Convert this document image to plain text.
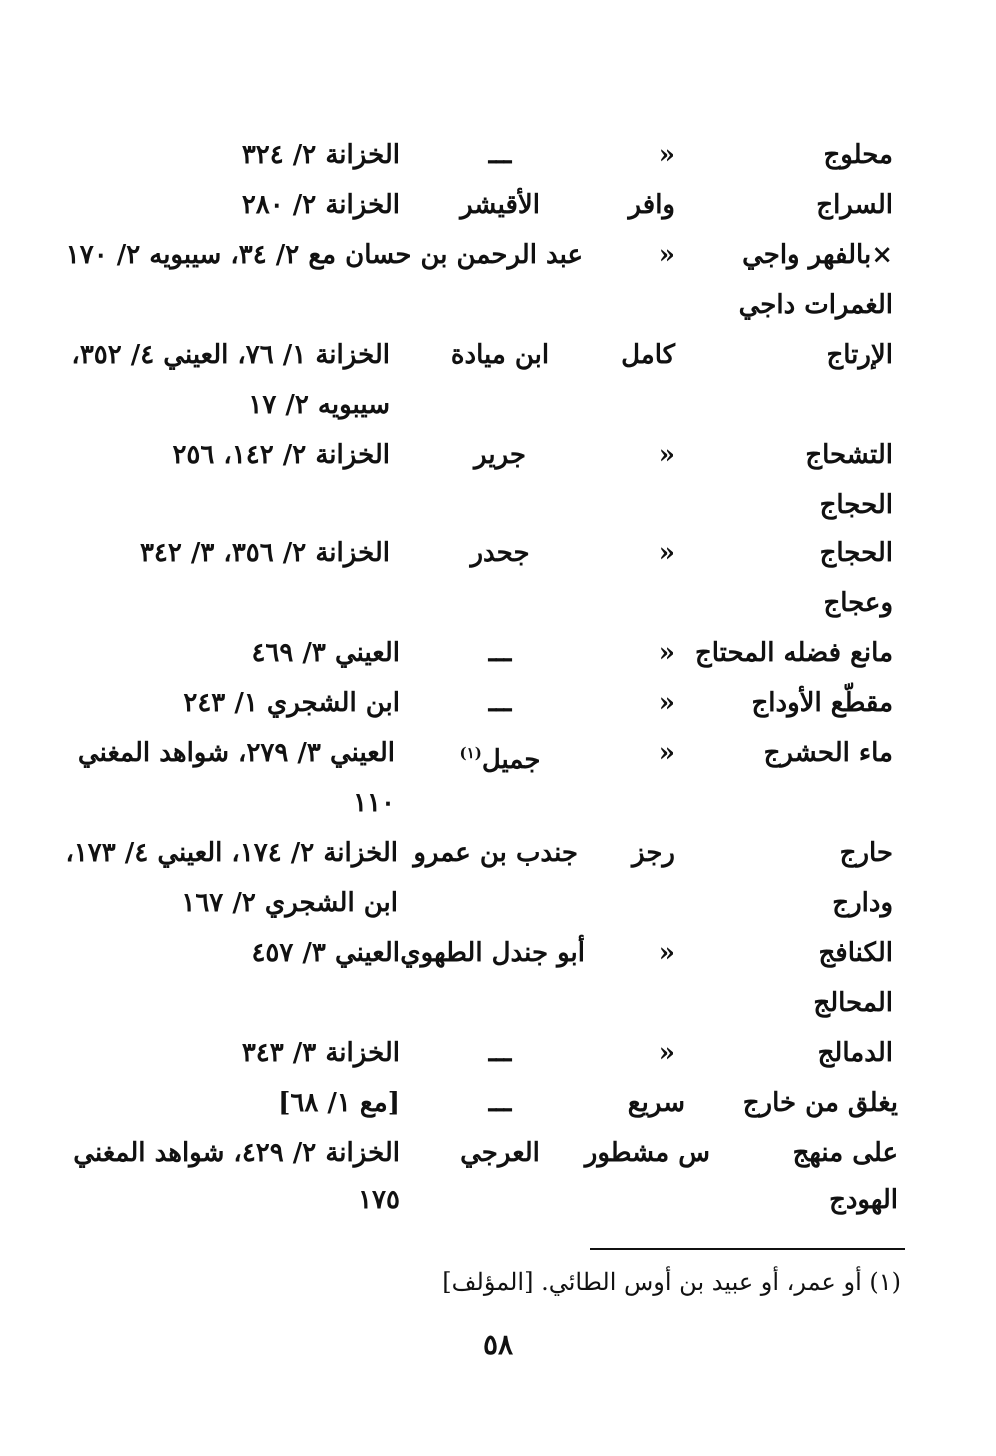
محلوج
«
ـــ
الخزانة ٢/ ٣٢٤
السراج
وافر
الأقيشر
الخزانة ٢/ ٢٨٠
×بالفهر واجي
«
عبد الرحمن بن حسان مع ٢/ ٣٤، سيبويه ٢/ ١٧٠
الغمرات داجي
الإرتاج
كامل
ابن ميادة
الخزانة ١/ ٧٦، العيني ٤/ ٣٥٢،
سيبويه ٢/ ١٧
التشحاج
«
جرير
الخزانة ٢/ ١٤٢، ٢٥٦
الحجاج
الحجاج
«
جحدر
الخزانة ٢/ ٣٥٦، ٣/ ٣٤٢
وعجاج
مانع فضله المحتاج
«
ـــ
العيني ٣/ ٤٦٩
مقطّع الأوداج
«
ـــ
ابن الشجري ١/ ٢٤٣
ماء الحشرج
«
جميل$^{(١)}$
العيني ٣/ ٢٧٩، شواهد المغني
١١٠
حارج
رجز
جندب بن عمرو
الخزانة ٢/ ١٧٤، العيني ٤/ ١٧٣،
ودارج
ابن الشجري ٢/ ١٦٧
الكنافج
«
أبو جندل الطهوي
العيني ٣/ ٤٥٧
المحالج
الدمالج
«
ـــ
الخزانة ٣/ ٣٤٣
يغلق من خارج
سريع
ـــ
[مع ١/ ٦٨]
على منهج
س مشطور
العرجي
الخزانة ٢/ ٤٢٩، شواهد المغني
الهودج
١٧٥
(١) أو عمر، أو عبيد بن أوس الطائي. [المؤلف]
٥٨
